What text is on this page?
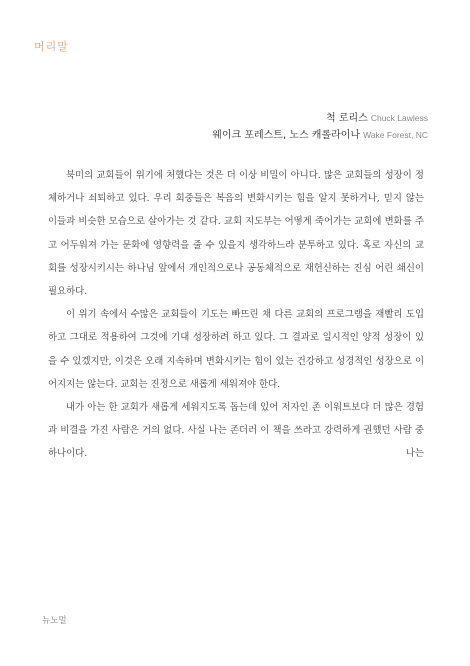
머리말
척 로리스 Chuck Lawless
웨이크 포레스트, 노스 캐롤라이나 Wake Forest, NC

북미의 교회들이 위기에 처했다는 것은 더 이상 비밀이 아니다. 많은 교회들의 성장이 정체하거나 쇠퇴하고 있다. 우리 회중들은 복음의 변화시키는 힘을 알지 못하거나, 믿지 않는 이들과 비슷한 모습으로 살아가는 것 같다. 교회 지도부는 어떻게 죽어가는 교회에 변화를 주고 어두워져 가는 문화에 영향력을 줄 수 있을지 생각하느라 분투하고 있다. 혹로 자신의 교회를 성장시키시는 하나님 앞에서 개인적으로나 공동체적으로 재헌신하는 진심 어린 쇄신이 필요하다.

이 위기 속에서 수많은 교회들이 기도는 빠뜨린 채 다른 교회의 프로그램을 재빨리 도입하고 그대로 적용하여 그것에 기대 성장하려 하고 있다. 그 결과로 일시적인 양적 성장이 있을 수 있겠지만, 이것은 오래 지속하며 변화시키는 힘이 있는 건강하고 성경적인 성장으로 이어지지는 않는다. 교회는 진정으로 새롭게 세워져야 한다.

내가 아는 한 교회가 새롭게 세워지도록 돕는데 있어 저자인 존 이워트보다 더 많은 경험과 비결을 가진 사람은 거의 없다. 사실 나는 존더러 이 책을 쓰라고 강력하게 권했던 사람 중 하나이다. 나는

뉴노멀
